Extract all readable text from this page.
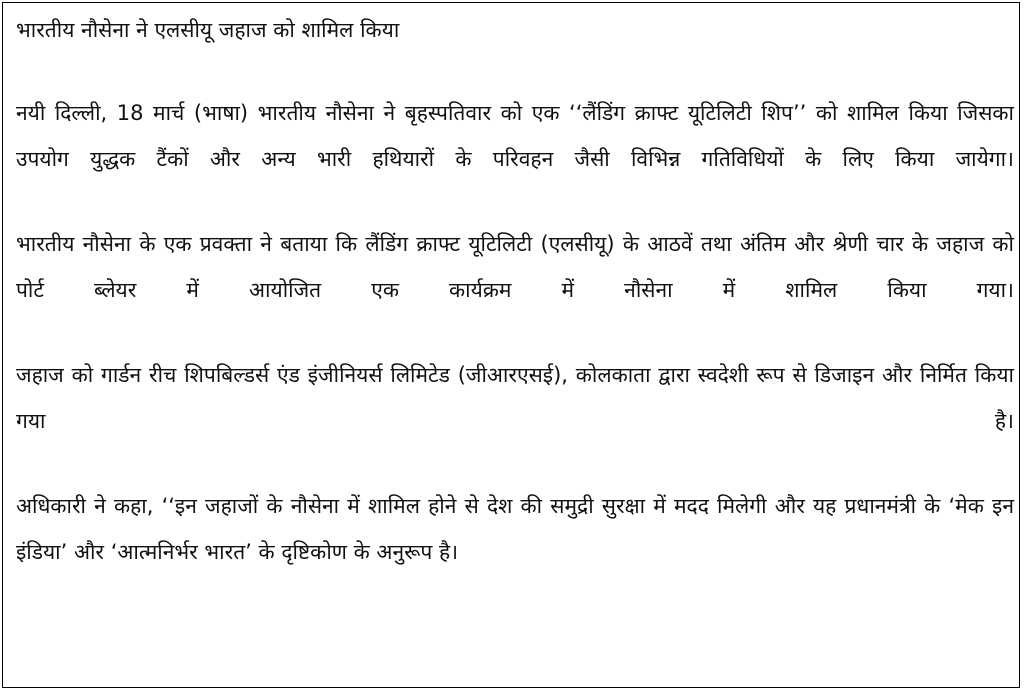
भारतीय नौसेना ने एलसीयू जहाज को शामिल किया

नयी दिल्ली, 18 मार्च (भाषा) भारतीय नौसेना ने बृहस्पतिवार को एक ‘‘लैंडिंग क्राफ्ट यूटिलिटी शिप’’ को शामिल किया जिसका उपयोग युद्धक टैंकों और अन्य भारी हथियारों के परिवहन जैसी विभिन्न गतिविधियों के लिए किया जायेगा।

भारतीय नौसेना के एक प्रवक्ता ने बताया कि लैंडिंग क्राफ्ट यूटिलिटी (एलसीयू) के आठवें तथा अंतिम और श्रेणी चार के जहाज को पोर्ट ब्लेयर में आयोजित एक कार्यक्रम में नौसेना में शामिल किया गया।

जहाज को गार्डन रीच शिपबिल्डर्स एंड इंजीनियर्स लिमिटेड (जीआरएसई), कोलकाता द्वारा स्वदेशी रूप से डिजाइन और निर्मित किया गया है।

अधिकारी ने कहा, ‘‘इन जहाजों के नौसेना में शामिल होने से देश की समुद्री सुरक्षा में मदद मिलेगी और यह प्रधानमंत्री के ‘मेक इन इंडिया’ और ‘आत्मनिर्भर भारत’ के दृष्टिकोण के अनुरूप है।
